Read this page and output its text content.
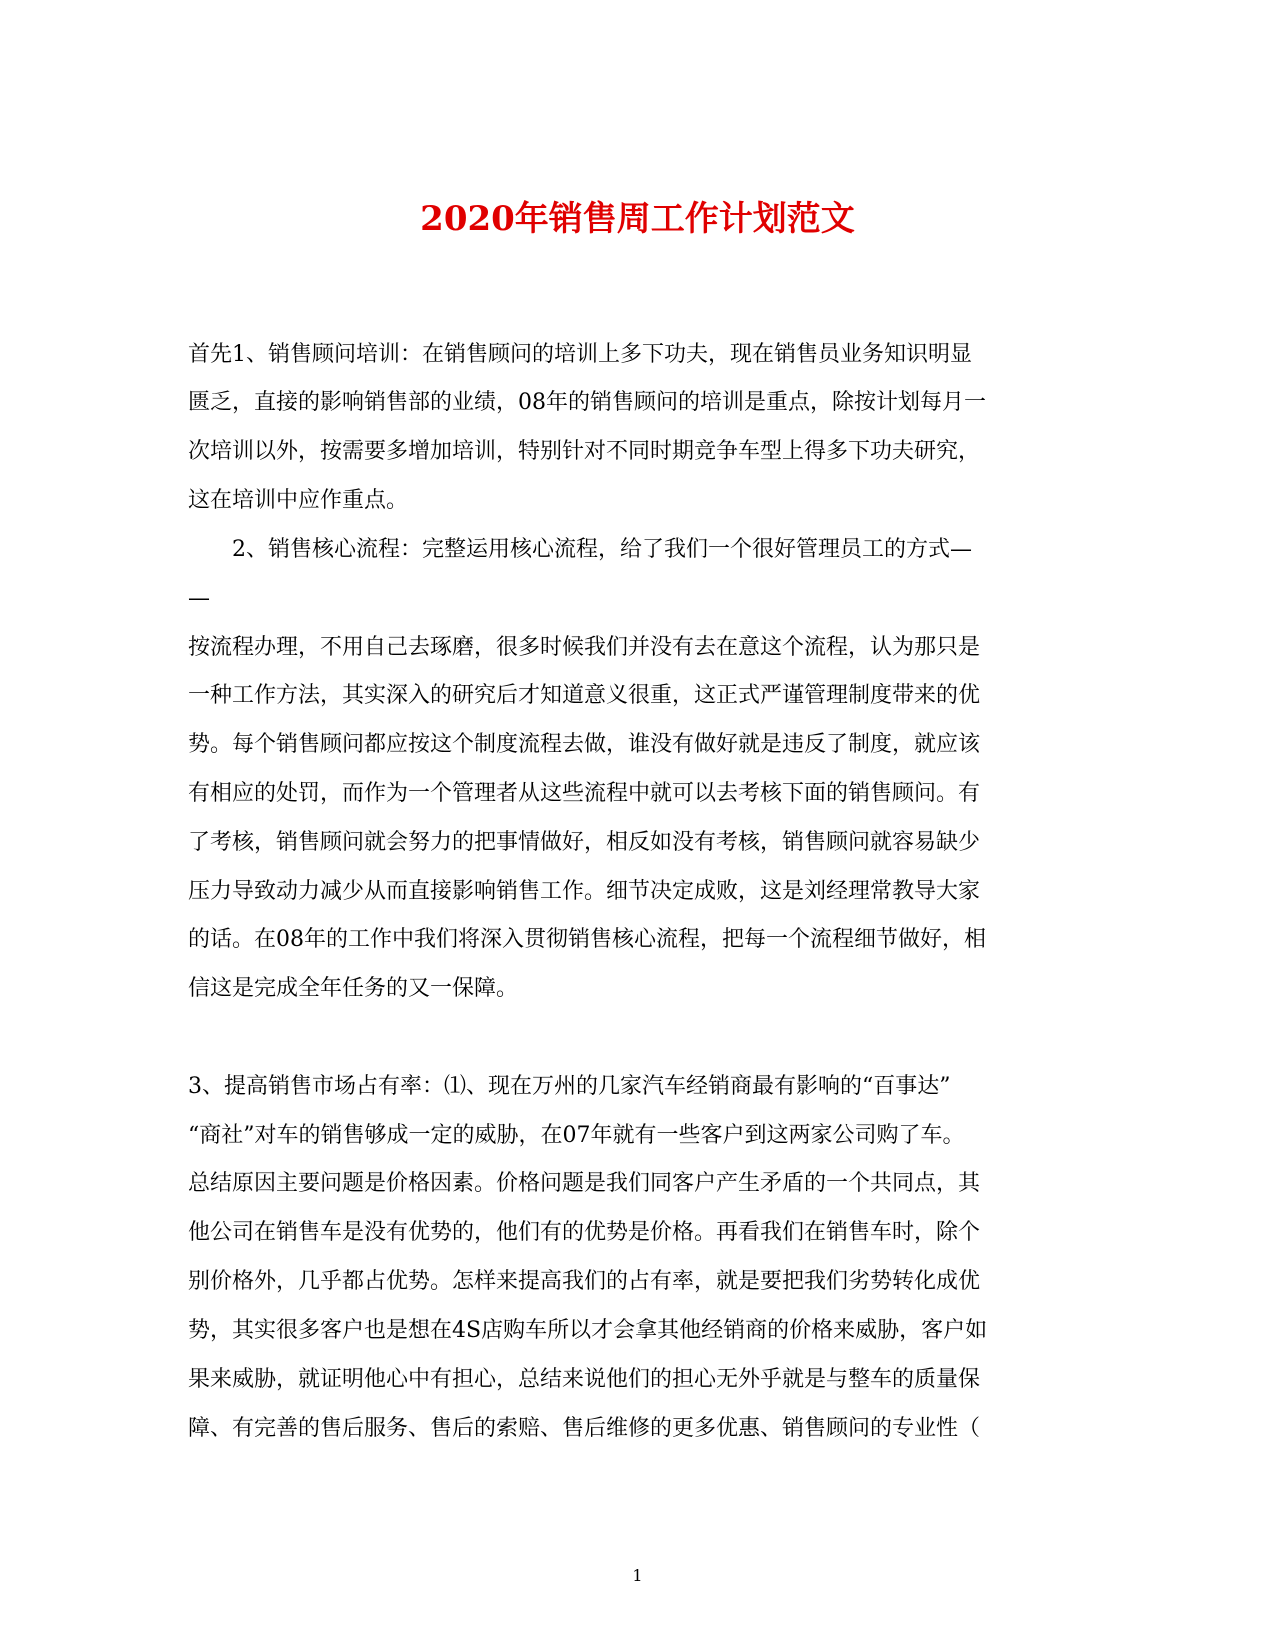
2020年销售周工作计划范文

首先1、销售顾问培训：在销售顾问的培训上多下功夫，现在销售员业务知识明显

匮乏，直接的影响销售部的业绩，08年的销售顾问的培训是重点，除按计划每月一

次培训以外，按需要多增加培训，特别针对不同时期竞争车型上得多下功夫研究，

这在培训中应作重点。

2、销售核心流程：完整运用核心流程，给了我们一个很好管理员工的方式—

—

按流程办理，不用自己去琢磨，很多时候我们并没有去在意这个流程，认为那只是

一种工作方法，其实深入的研究后才知道意义很重，这正式严谨管理制度带来的优

势。每个销售顾问都应按这个制度流程去做，谁没有做好就是违反了制度，就应该

有相应的处罚，而作为一个管理者从这些流程中就可以去考核下面的销售顾问。有

了考核，销售顾问就会努力的把事情做好，相反如没有考核，销售顾问就容易缺少

压力导致动力减少从而直接影响销售工作。细节决定成败，这是刘经理常教导大家

的话。在08年的工作中我们将深入贯彻销售核心流程，把每一个流程细节做好，相

信这是完成全年任务的又一保障。

3、提高销售市场占有率：⑴、现在万州的几家汽车经销商最有影响的“百事达”

“商社”对车的销售够成一定的威胁，在07年就有一些客户到这两家公司购了车。

总结原因主要问题是价格因素。价格问题是我们同客户产生矛盾的一个共同点，其

他公司在销售车是没有优势的，他们有的优势是价格。再看我们在销售车时，除个

别价格外，几乎都占优势。怎样来提高我们的占有率，就是要把我们劣势转化成优

势，其实很多客户也是想在4S店购车所以才会拿其他经销商的价格来威胁，客户如

果来威胁，就证明他心中有担心，总结来说他们的担心无外乎就是与整车的质量保

障、有完善的售后服务、售后的索赔、售后维修的更多优惠、销售顾问的专业性（

1
